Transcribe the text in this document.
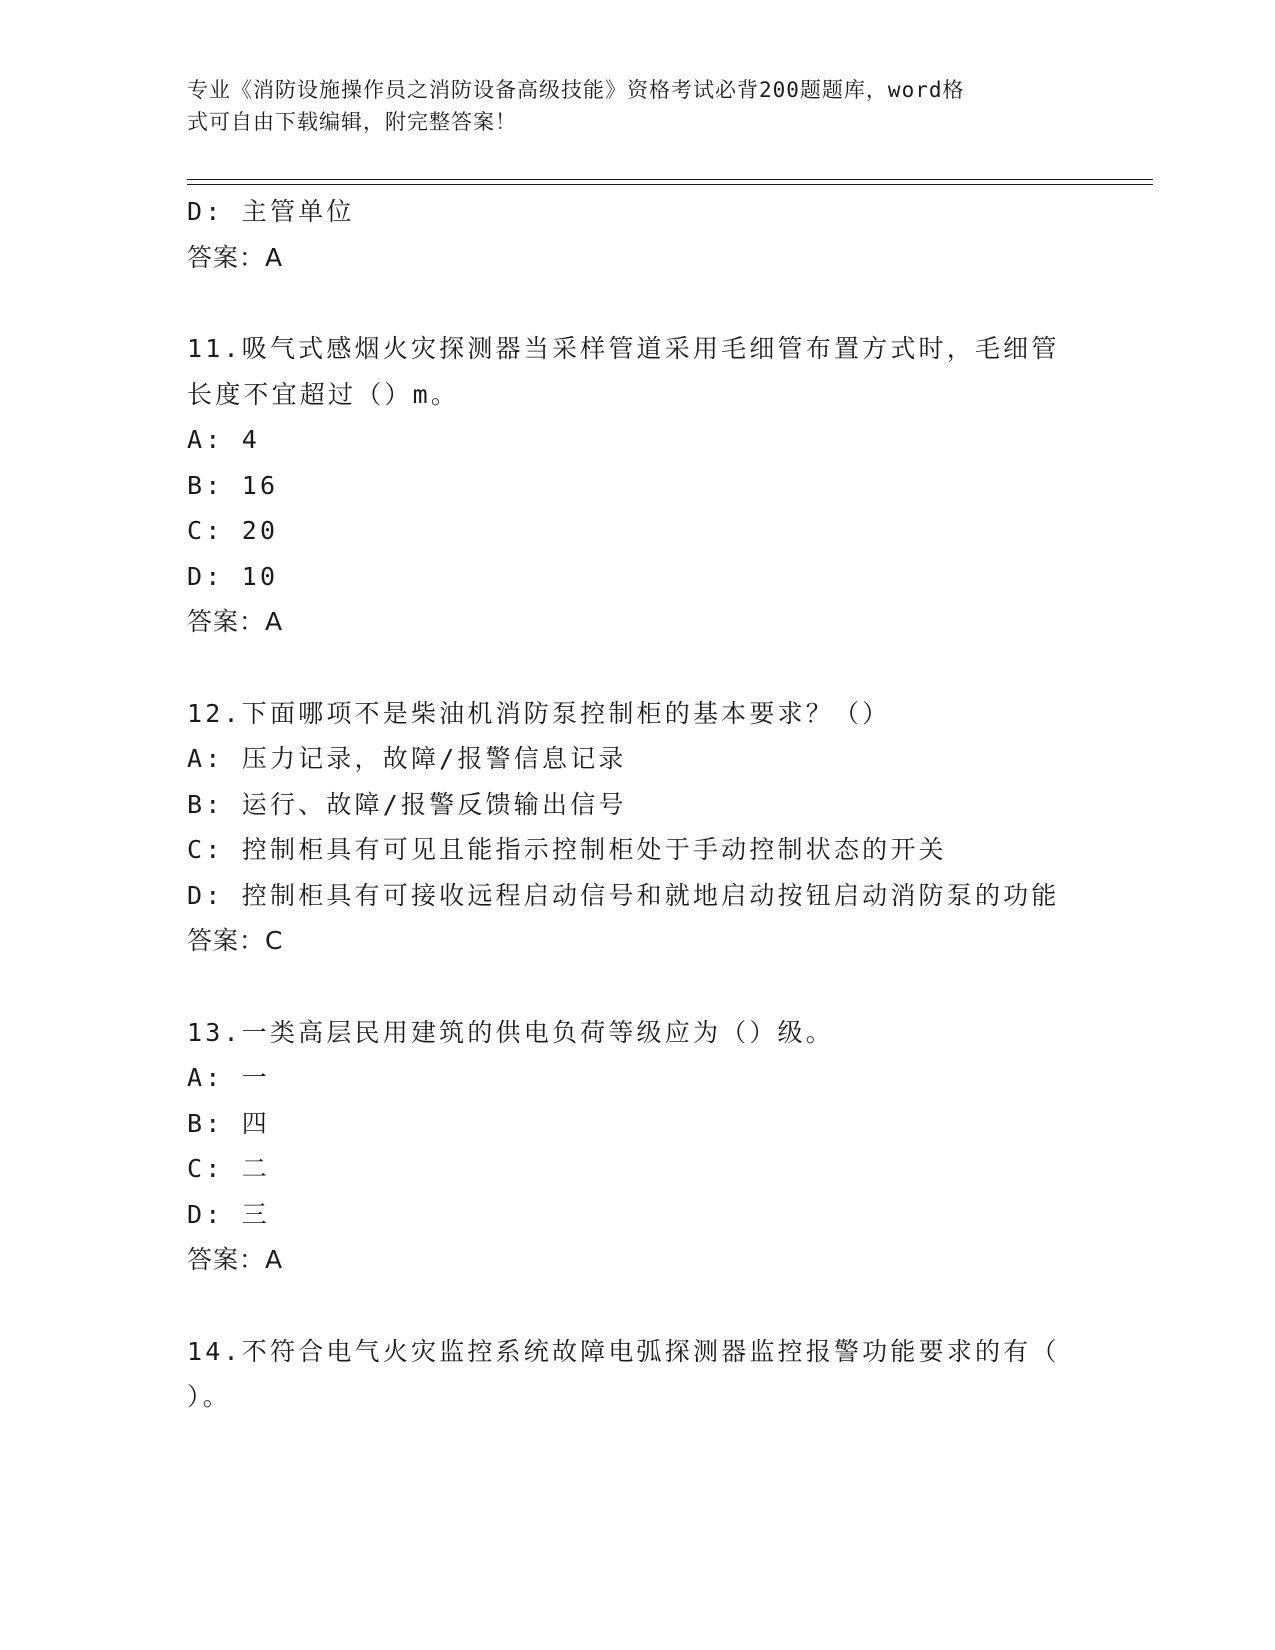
专业《消防设施操作员之消防设备高级技能》资格考试必背200题题库，word格
式可自由下载编辑，附完整答案！
D: 主管单位
答案：A
11.吸气式感烟火灾探测器当采样管道采用毛细管布置方式时，毛细管
长度不宜超过（）m。
A: 4
B: 16
C: 20
D: 10
答案：A
12.下面哪项不是柴油机消防泵控制柜的基本要求？（）
A: 压力记录，故障/报警信息记录
B: 运行、故障/报警反馈输出信号
C: 控制柜具有可见且能指示控制柜处于手动控制状态的开关
D: 控制柜具有可接收远程启动信号和就地启动按钮启动消防泵的功能
答案：C
13.一类高层民用建筑的供电负荷等级应为（）级。
A: 一
B: 四
C: 二
D: 三
答案：A
14.不符合电气火灾监控系统故障电弧探测器监控报警功能要求的有（
）。
